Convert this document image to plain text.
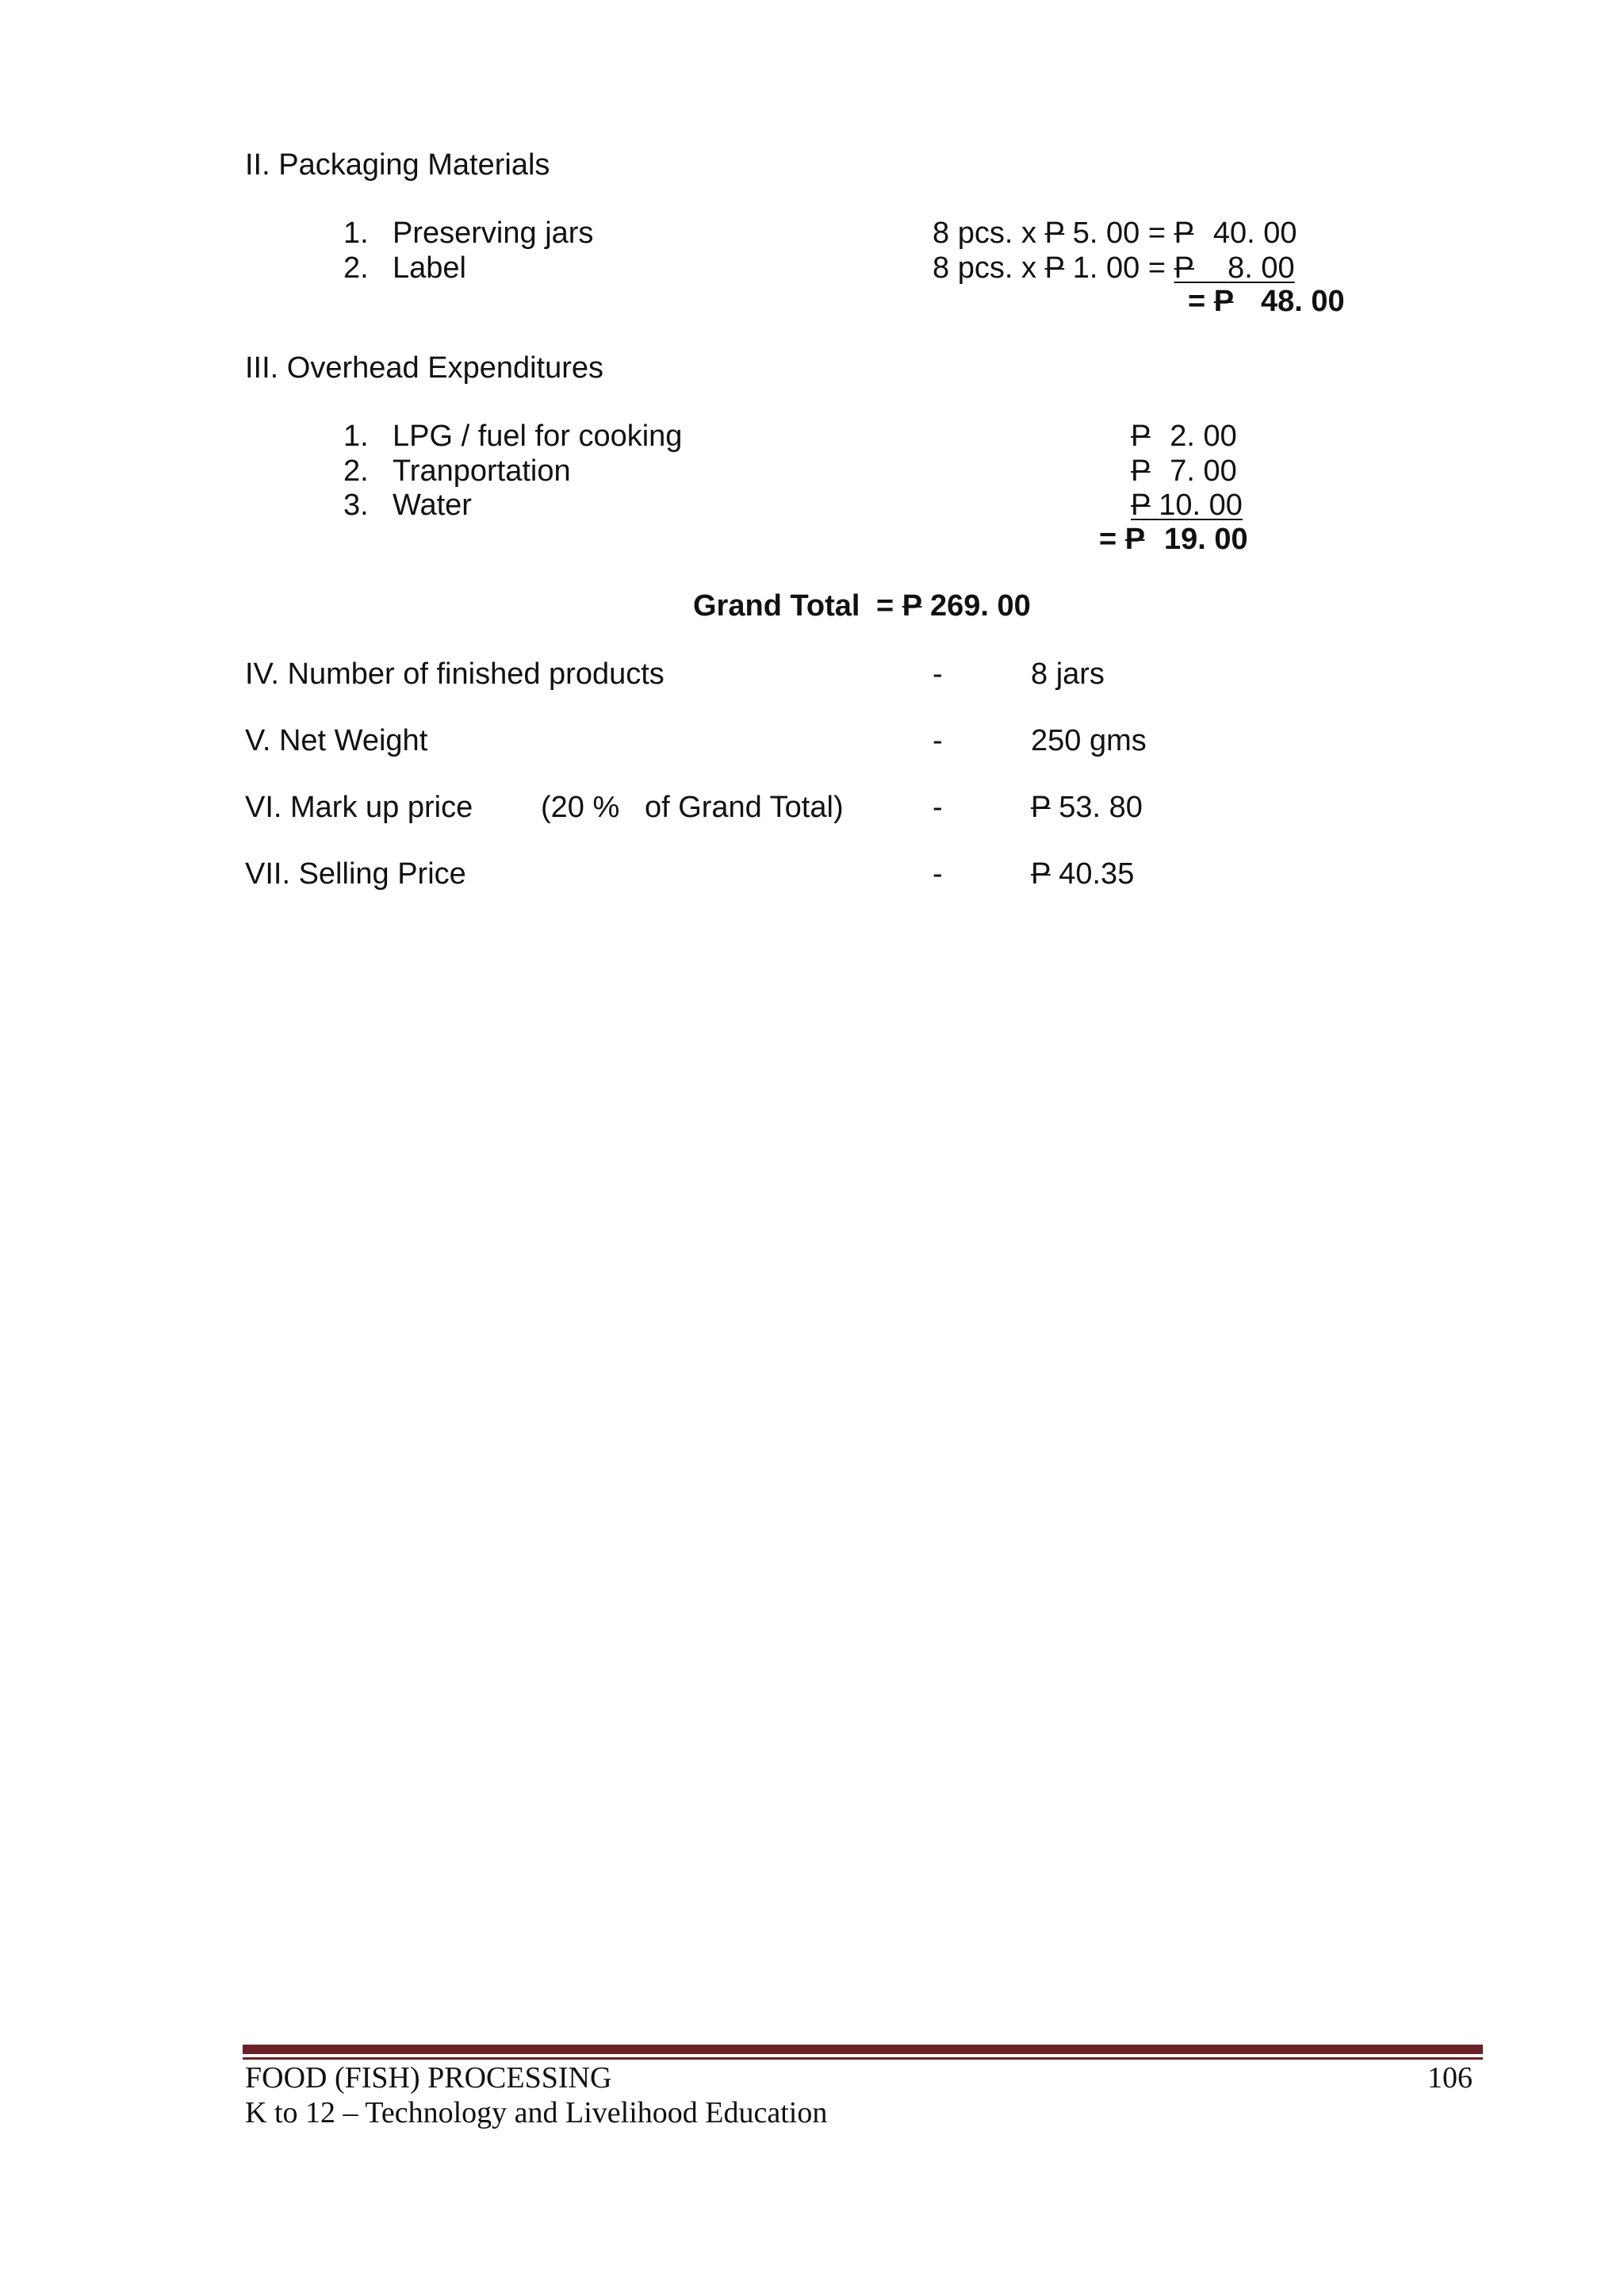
II. Packaging Materials
1. Preserving jars	8 pcs. x P 5. 00 = P 40. 00
2. Label	8 pcs. x P 1. 00 = P 8. 00
= P 48. 00
III. Overhead Expenditures
1. LPG / fuel for cooking	P 2. 00
2. Tranportation	P 7. 00
3. Water	P 10. 00
= P 19. 00
Grand Total = P 269. 00
IV. Number of finished products	-	8 jars
V. Net Weight	-	250 gms
VI. Mark up price (20 %   of Grand Total)	-	P 53. 80
VII. Selling Price	-	P 40.35
FOOD (FISH) PROCESSING	106
K to 12 – Technology and Livelihood Education
